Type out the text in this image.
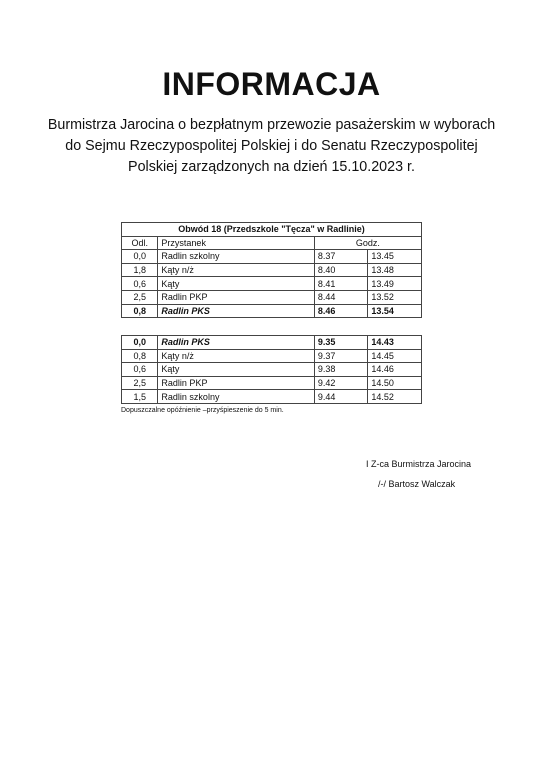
INFORMACJA
Burmistrza Jarocina o bezpłatnym przewozie pasażerskim w wyborach
do Sejmu Rzeczypospolitej Polskiej i do Senatu Rzeczypospolitej
Polskiej zarządzonych na dzień 15.10.2023 r.
Obwód 18 (Przedszkole "Tęcza" w Radlinie)			
Odl.	Przystanek	Godz.	
0,0	Radlin szkolny	8.37	13.45
1,8	Kąty n/ż	8.40	13.48
0,6	Kąty	8.41	13.49
2,5	Radlin PKP	8.44	13.52
0,8	Radlin PKS	8.46	13.54
0,0	Radlin PKS	9.35	14.43
0,8	Kąty n/ż	9.37	14.45
0,6	Kąty	9.38	14.46
2,5	Radlin PKP	9.42	14.50
1,5	Radlin szkolny	9.44	14.52
Dopuszczalne opóźnienie –przyśpieszenie do 5 min.
I Z-ca Burmistrza Jarocina
/-/ Bartosz Walczak
